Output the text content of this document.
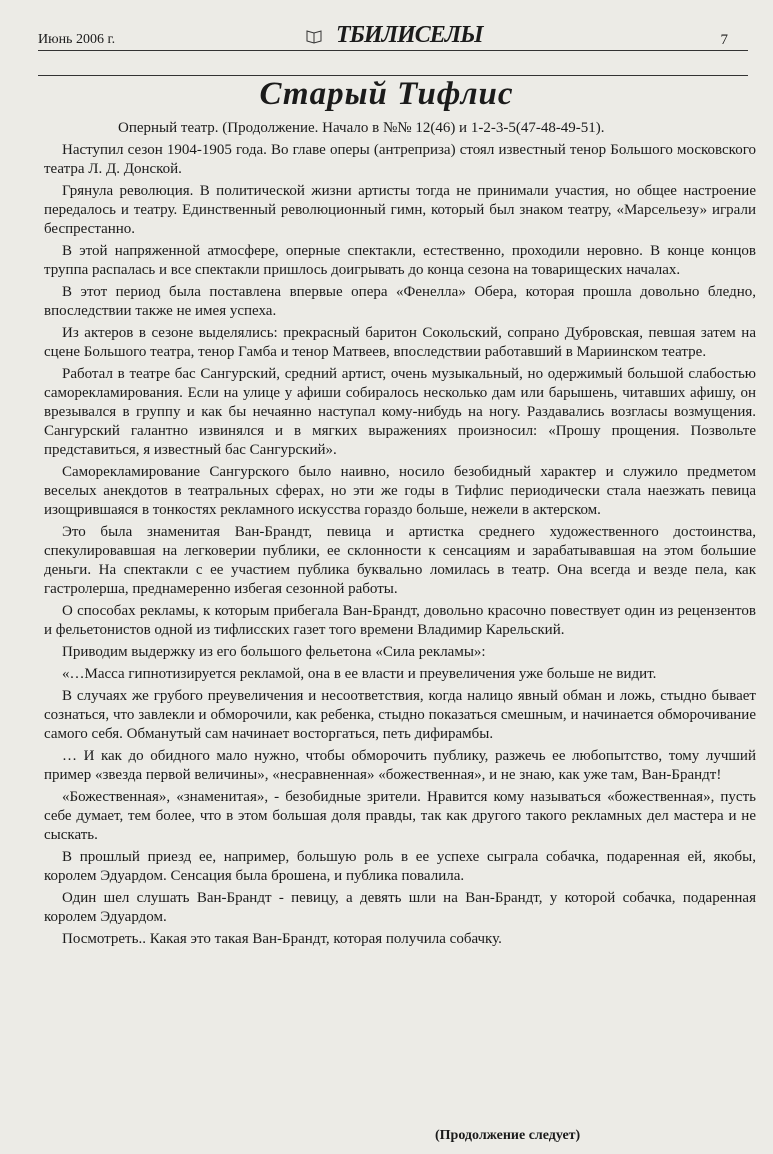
Июнь 2006 г.	ТБИЛИСЕЛЫ	7
Старый Тифлис

Оперный театр. (Продолжение. Начало в №№ 12(46) и 1-2-3-5(47-48-49-51).

Наступил сезон 1904-1905 года. Во главе оперы (антреприза) стоял известный тенор Большого московского театра Л. Д. Донской.

Грянула революция. В политической жизни артисты тогда не принимали участия, но общее настроение передалось и театру. Единственный революционный гимн, который был знаком театру, «Марсельезу» играли беспрестанно.

В этой напряженной атмосфере, оперные спектакли, естественно, проходили неровно. В конце концов труппа распалась и все спектакли пришлось доигрывать до конца сезона на товарищеских началах.

В этот период была поставлена впервые опера «Фенелла» Обера, которая прошла довольно бледно, впоследствии также не имея успеха.

Из актеров в сезоне выделялись: прекрасный баритон Сокольский, сопрано Дубровская, певшая затем на сцене Большого театра, тенор Гамба и тенор Матвеев, впоследствии работавший в Мариинском театре.

Работал в театре бас Сангурский, средний артист, очень музыкальный, но одержимый большой слабостью саморекламирования. Если на улице у афиши собиралось несколько дам или барышень, читавших афишу, он врезывался в группу и как бы нечаянно наступал кому-нибудь на ногу. Раздавались возгласы возмущения. Сангурский галантно извинялся и в мягких выражениях произносил: «Прошу прощения. Позвольте представиться, я известный бас Сангурский».

Саморекламирование Сангурского было наивно, носило безобидный характер и служило предметом веселых анекдотов в театральных сферах, но эти же годы в Тифлис периодически стала наезжать певица изощрившаяся в тонкостях рекламного искусства гораздо больше, нежели в актерском.

Это была знаменитая Ван-Брандт, певица и артистка среднего художественного достоинства, спекулировавшая на легковерии публики, ее склонности к сенсациям и зарабатывавшая на этом большие деньги. На спектакли с ее участием публика буквально ломилась в театр. Она всегда и везде пела, как гастролерша, преднамеренно избегая сезонной работы.

О способах рекламы, к которым прибегала Ван-Брандт, довольно красочно повествует один из рецензентов и фельетонистов одной из тифлисских газет того времени Владимир Карельский.

Приводим выдержку из его большого фельетона «Сила рекламы»:

«…Масса гипнотизируется рекламой, она в ее власти и преувеличения уже больше не видит.

В случаях же грубого преувеличения и несоответствия, когда налицо явный обман и ложь, стыдно бывает сознаться, что завлекли и обморочили, как ребенка, стыдно показаться смешным, и начинается обморочивание самого себя. Обманутый сам начинает восторгаться, петь дифирамбы.

… И как до обидного мало нужно, чтобы обморочить публику, разжечь ее любопытство, тому лучший пример «звезда первой величины», «несравненная» «божественная», и не знаю, как уже там, Ван-Брандт!

«Божественная», «знаменитая», - безобидные зрители. Нравится кому называться «божественная», пусть себе думает, тем более, что в этом большая доля правды, так как другого такого рекламных дел мастера и не сыскать.

В прошлый приезд ее, например, большую роль в ее успехе сыграла собачка, подаренная ей, якобы, королем Эдуардом. Сенсация была брошена, и публика повалила.

Один шел слушать Ван-Брандт - певицу, а девять шли на Ван-Брандт, у которой собачка, подаренная королем Эдуардом.

Посмотреть.. Какая это такая Ван-Брандт, которая получила собачку.

(Продолжение следует)
